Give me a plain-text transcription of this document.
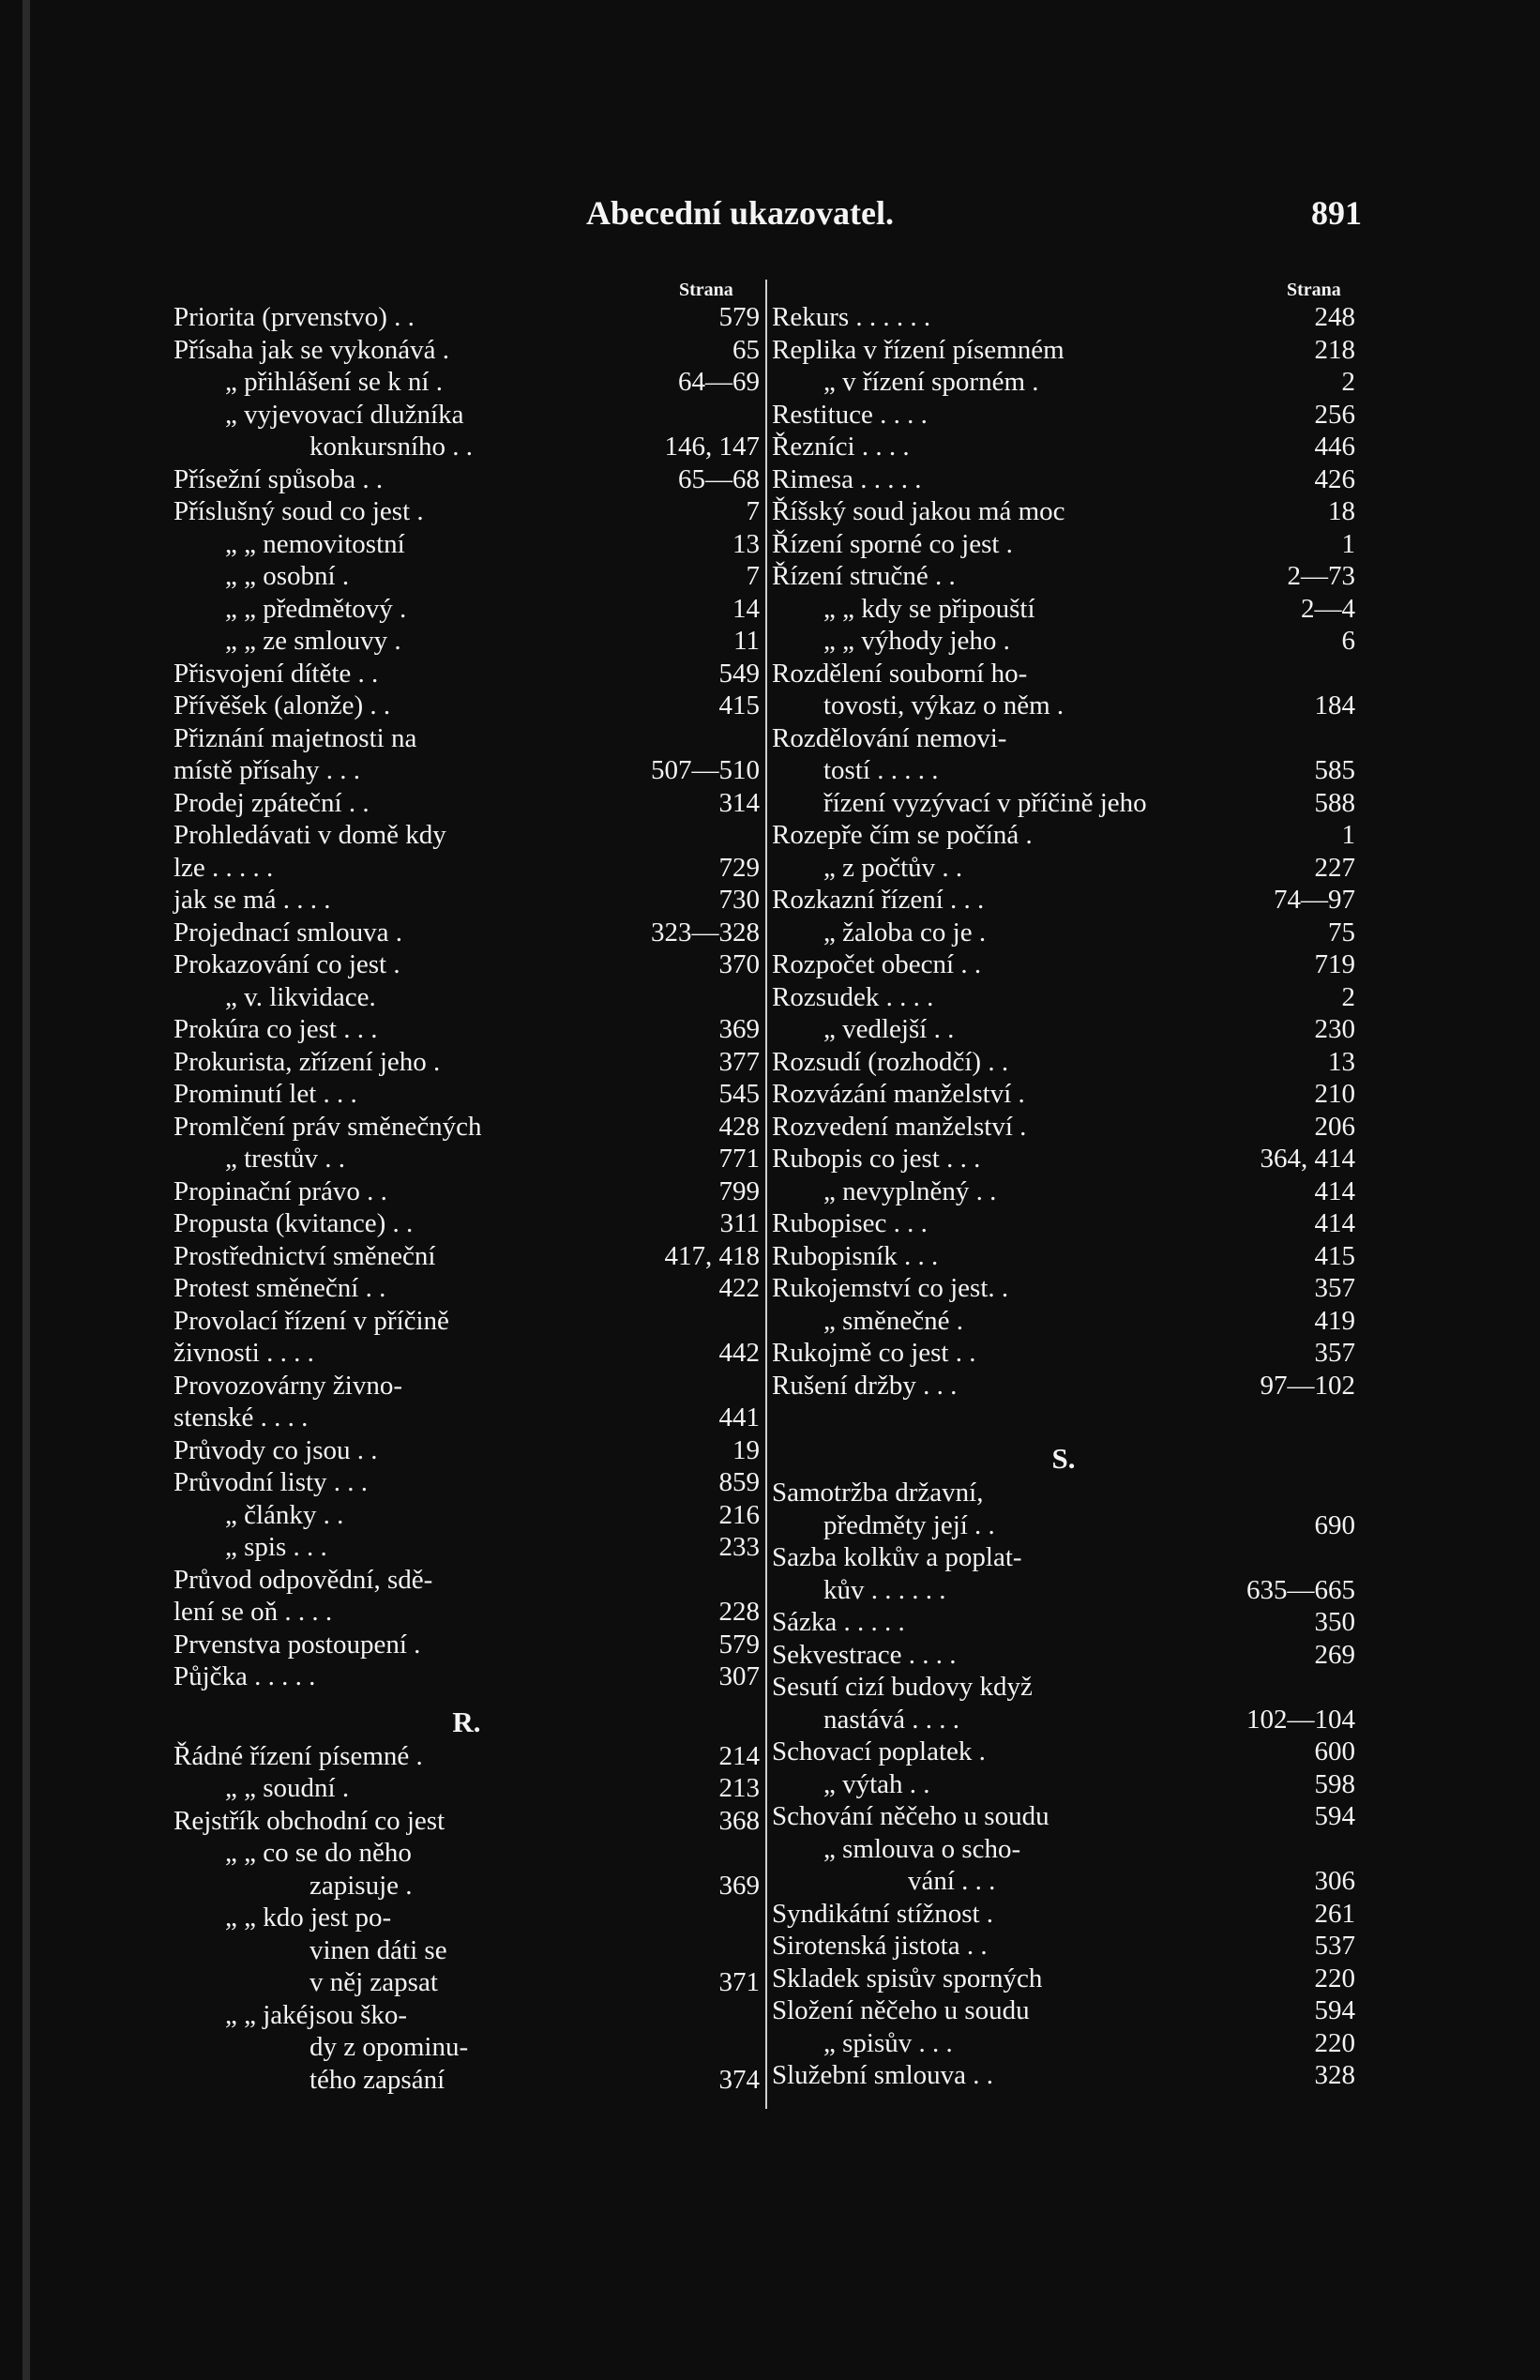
Abecední ukazovatel.	891
Strana	Strana
Priorita (prvenstvo) . .	579
Přísaha jak se vykonává .	65
„ přihlášení se k ní .	64—69
„ vyjevovací dlužníka
konkursního . .	146, 147
Přísežní spůsoba . .	65—68
Příslušný soud co jest .	7
„ „ nemovitostní	13
„ „ osobní .	7
„ „ předmětový .	14
„ „ ze smlouvy .	11
Přisvojení dítěte . .	549
Přívěšek (alonže) . .	415
Přiznání majetnosti na
místě přísahy . . .	507—510
Prodej zpáteční . .	314
Prohledávati v domě kdy
lze . . . . .	729
jak se má . . . .	730
Projednací smlouva .	323—328
Prokazování co jest .	370
„ v. likvidace.
Prokúra co jest . . .	369
Prokurista, zřízení jeho .	377
Prominutí let . . .	545
Promlčení práv směnečných	428
„ trestův . .	771
Propinační právo . .	799
Propusta (kvitance) . .	311
Prostřednictví směneční	417, 418
Protest směneční . .	422
Provolací řízení v příčině
živnosti . . . .	442
Provozovárny živno-
stenské . . . .	441
Průvody co jsou . .	19
Průvodní listy . . .	859
„ články . .	216
„ spis . . .	233
Průvod odpovědní, sdě-
lení se oň . . . .	228
Prvenstva postoupení .	579
Půjčka . . . . .	307
R.
Řádné řízení písemné .	214
„ „ soudní .	213
Rejstřík obchodní co jest	368
„ „ co se do něho
zapisuje .	369
„ „ kdo jest po-
vinen dáti se
v něj zapsat	371
„ „ jakéjsou ško-
dy z opominu-
tého zapsání	374
Rekurs . . . . . .	248
Replika v řízení písemném	218
„ v řízení sporném .	2
Restituce . . . .	256
Řezníci . . . .	446
Rimesa . . . . .	426
Říšský soud jakou má moc	18
Řízení sporné co jest .	1
Řízení stručné . .	2—73
„ „ kdy se připouští	2—4
„ „ výhody jeho .	6
Rozdělení souborní ho-
tovosti, výkaz o něm .	184
Rozdělování nemovi-
tostí . . . . .	585
řízení vyzývací v příčině jeho	588
Rozepře čím se počíná .	1
„ z počtův . .	227
Rozkazní řízení . . .	74—97
„ žaloba co je .	75
Rozpočet obecní . .	719
Rozsudek . . . .	2
„ vedlejší . .	230
Rozsudí (rozhodčí) . .	13
Rozvázání manželství .	210
Rozvedení manželství .	206
Rubopis co jest . . .	364, 414
„ nevyplněný . .	414
Rubopisec . . .	414
Rubopisník . . .	415
Rukojemství co jest. .	357
„ směnečné .	419
Rukojmě co jest . .	357
Rušení držby . . .	97—102
S.
Samotržba državní,
předměty její . .	690
Sazba kolkův a poplat-
kův . . . . . .	635—665
Sázka . . . . .	350
Sekvestrace . . . .	269
Sesutí cizí budovy když
nastává . . . .	102—104
Schovací poplatek .	600
„ výtah . .	598
Schování něčeho u soudu	594
„ smlouva o scho-
vání . . .	306
Syndikátní stížnost .	261
Sirotenská jistota . .	537
Skladek spisův sporných	220
Složení něčeho u soudu	594
„ spisův . . .	220
Služební smlouva . .	328
